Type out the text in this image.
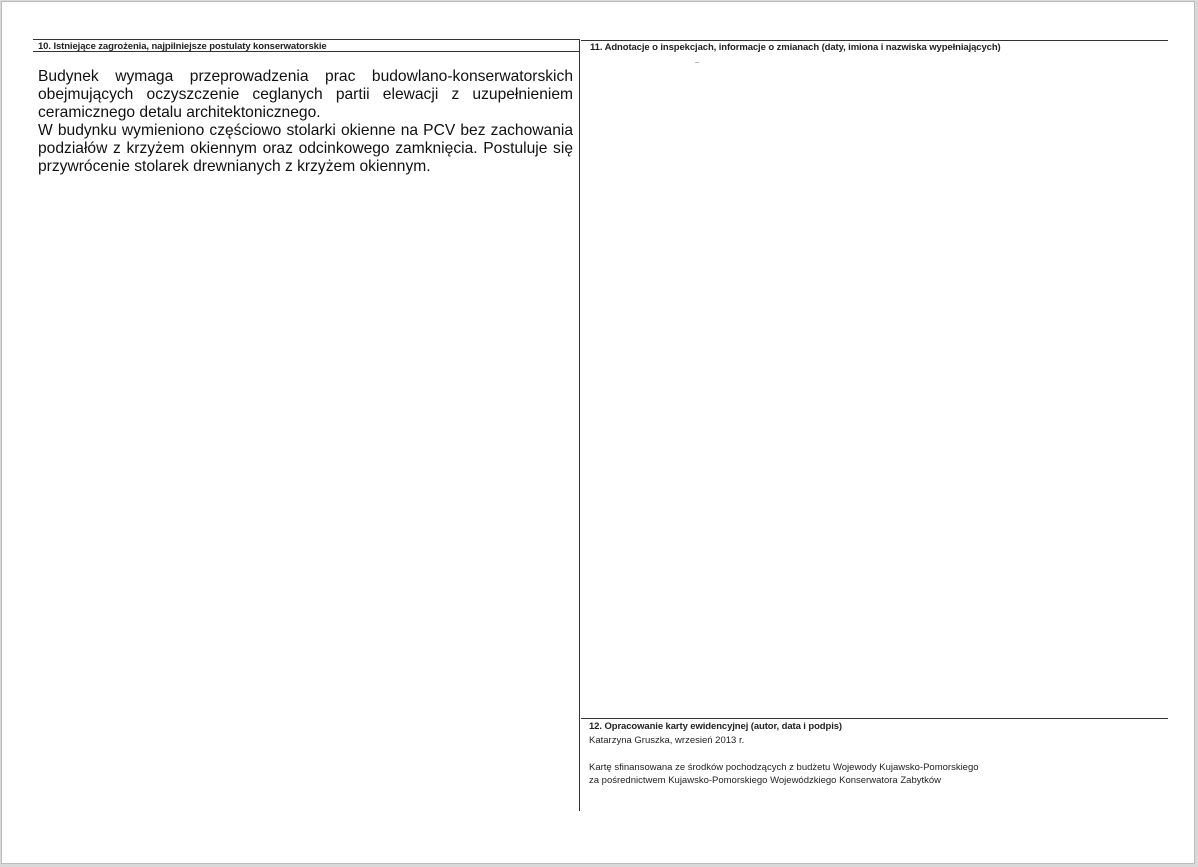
10. Istniejące zagrożenia, najpilniejsze postulaty konserwatorskie

Budynek wymaga przeprowadzenia prac budowlano-konserwatorskich obejmujących oczyszczenie ceglanych partii elewacji z uzupełnieniem ceramicznego detalu architektonicznego.

W budynku wymieniono częściowo stolarki okienne na PCV bez zachowania podziałów z krzyżem okiennym oraz odcinkowego zamknięcia. Postuluje się przywrócenie stolarek drewnianych z krzyżem okiennym.

11. Adnotacje o inspekcjach, informacje o zmianach (daty, imiona i nazwiska wypełniających)
12. Opracowanie karty ewidencyjnej (autor, data i podpis)

Katarzyna Gruszka, wrzesień 2013 r.

Kartę sfinansowana ze środków pochodzących z budżetu Wojewody Kujawsko-Pomorskiego

za pośrednictwem Kujawsko-Pomorskiego Wojewódzkiego Konserwatora Zabytków
